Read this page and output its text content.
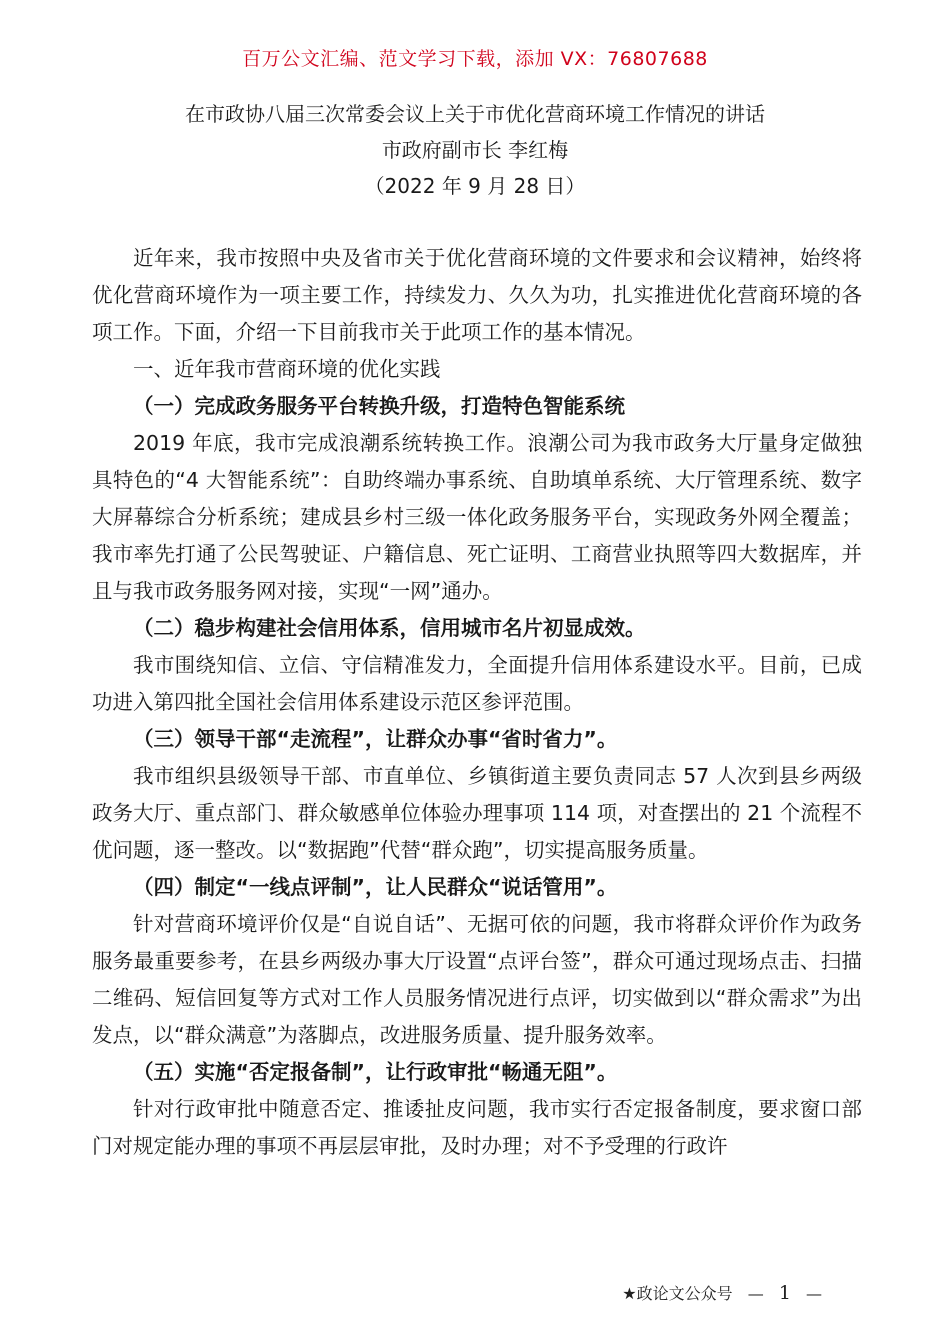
百万公文汇编、范文学习下载，添加 VX：76807688
在市政协八届三次常委会议上关于市优化营商环境工作情况的讲话
市政府副市长 李红梅
（2022 年 9 月 28 日）

近年来，我市按照中央及省市关于优化营商环境的文件要求和会议精神，始终将优化营商环境作为一项主要工作，持续发力、久久为功，扎实推进优化营商环境的各项工作。下面，介绍一下目前我市关于此项工作的基本情况。

一、近年我市营商环境的优化实践

（一）完成政务服务平台转换升级，打造特色智能系统

2019 年底，我市完成浪潮系统转换工作。浪潮公司为我市政务大厅量身定做独具特色的“4 大智能系统”：自助终端办事系统、自助填单系统、大厅管理系统、数字大屏幕综合分析系统；建成县乡村三级一体化政务服务平台，实现政务外网全覆盖；我市率先打通了公民驾驶证、户籍信息、死亡证明、工商营业执照等四大数据库，并且与我市政务服务网对接，实现“一网”通办。

（二）稳步构建社会信用体系，信用城市名片初显成效。

我市围绕知信、立信、守信精准发力，全面提升信用体系建设水平。目前，已成功进入第四批全国社会信用体系建设示范区参评范围。

（三）领导干部“走流程”，让群众办事“省时省力”。

我市组织县级领导干部、市直单位、乡镇街道主要负责同志 57 人次到县乡两级政务大厅、重点部门、群众敏感单位体验办理事项 114 项，对查摆出的 21 个流程不优问题，逐一整改。以“数据跑”代替“群众跑”，切实提高服务质量。

（四）制定“一线点评制”，让人民群众“说话管用”。

针对营商环境评价仅是“自说自话”、无据可依的问题，我市将群众评价作为政务服务最重要参考，在县乡两级办事大厅设置“点评台签”，群众可通过现场点击、扫描二维码、短信回复等方式对工作人员服务情况进行点评，切实做到以“群众需求”为出发点，以“群众满意”为落脚点，改进服务质量、提升服务效率。

（五）实施“否定报备制”，让行政审批“畅通无阻”。

针对行政审批中随意否定、推诿扯皮问题，我市实行否定报备制度，要求窗口部门对规定能办理的事项不再层层审批，及时办理；对不予受理的行政许

★政论文公众号 — 1 —
